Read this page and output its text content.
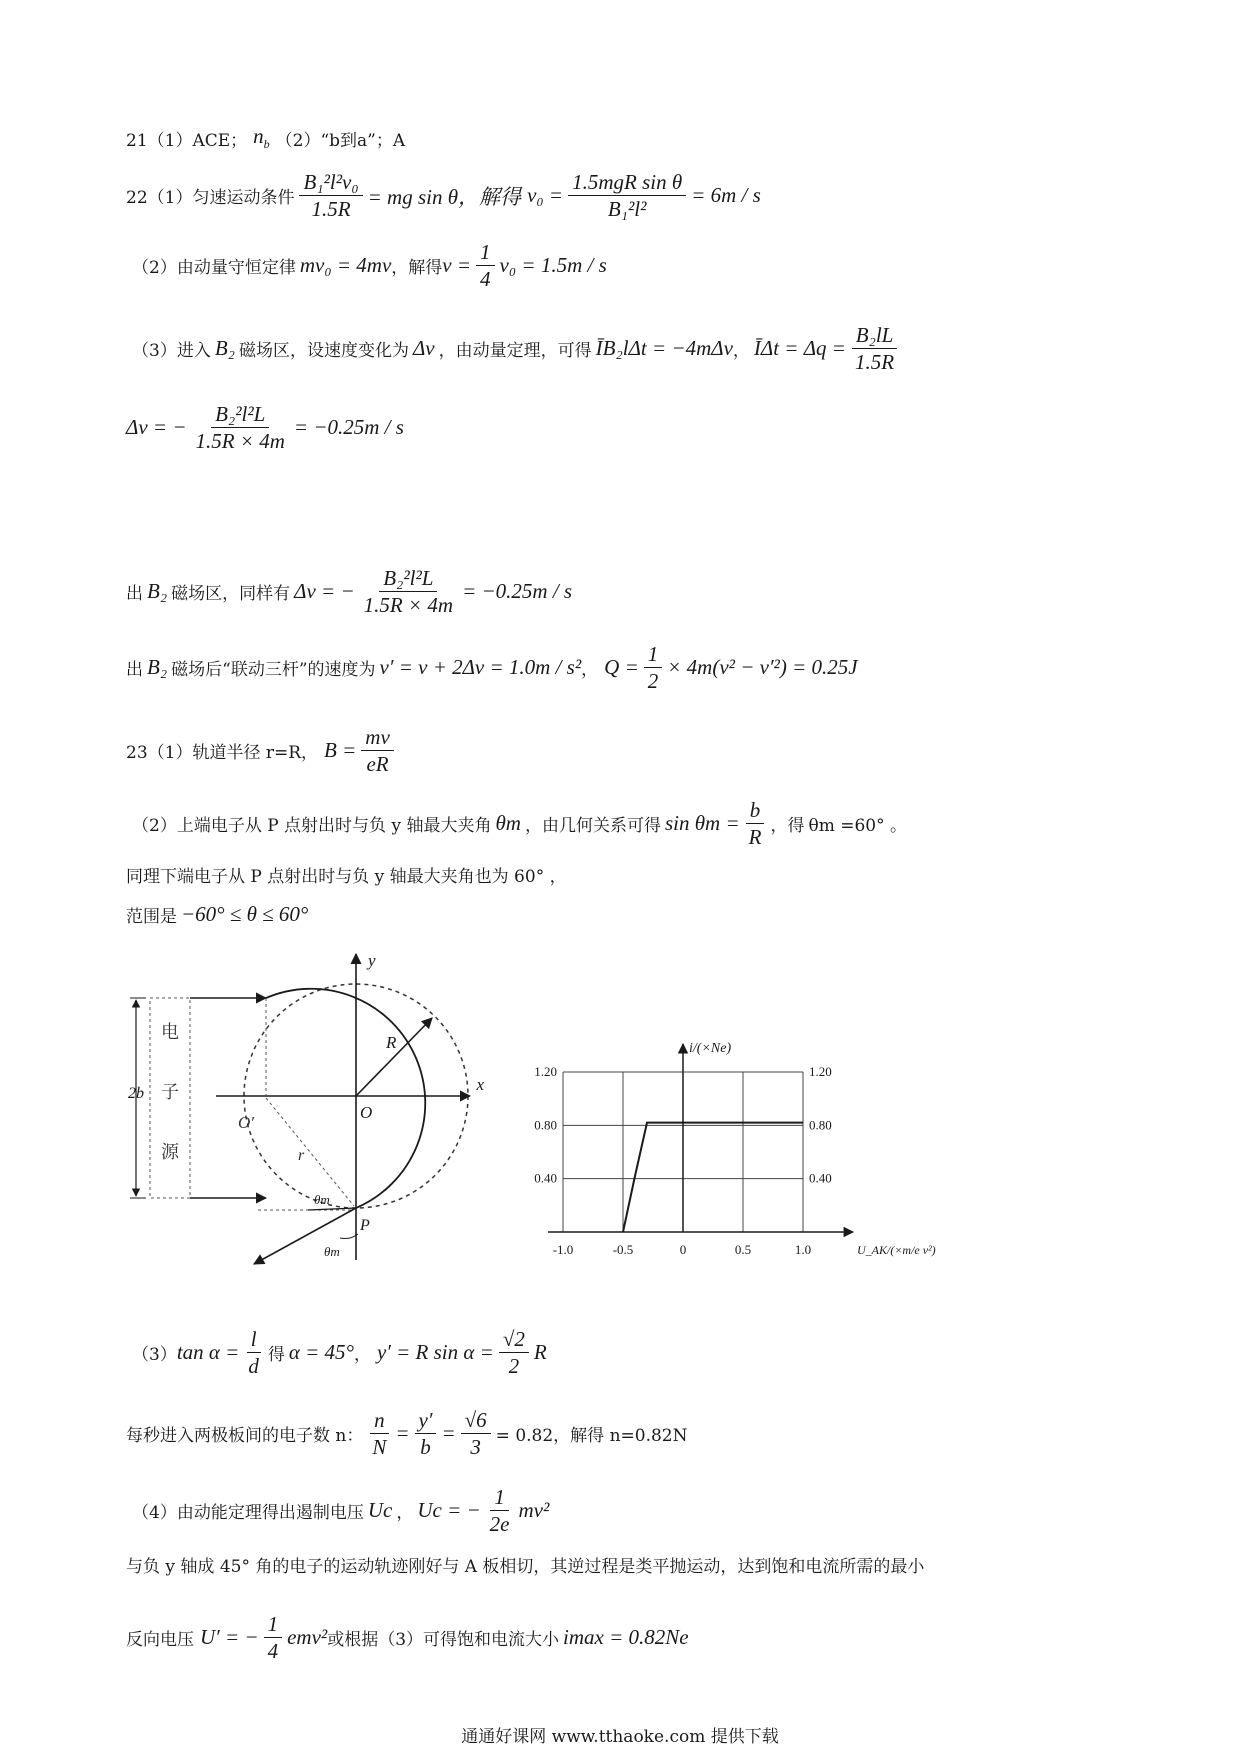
21（1）ACE； $n_b$ （2）“b到a”；A
22（1）匀速运动条件 $\frac{\text{B₁²l²v₀}}{1.5R}$ = mg sin θ，解得 $v_0 = \frac{\text{1.5mgR sin θ}}{\text{B₁²l²}} = 6m / s$
（2）由动量守恒定律 mv₀ = 4mv ，解得 $v = \frac{1}{4} v_0 = 1.5m / s$
（3）进入 B₂ 磁场区，设速度变化为 Δv ，由动量定理，可得 ĪB₂lΔt = −4mΔv ， ĪΔt = $\Delta q = \frac{\text{B₂lL}}{1.5R}$
Δv = − $\frac{\text{B₂²l²L}}{1.5R \times 4m} = -0.25m / s$
出 B₂ 磁场区，同样有 Δv = − $\frac{\text{B₂²l²L}}{1.5R \times 4m} = -0.25m / s$
出 B₂ 磁场后“联动三杆”的速度为 v′ = v + 2Δv = 1.0m / s² ， $Q = \frac{1}{2} \times 4m(v^2 - v'^2) = 0.25J$
23（1）轨道半径 r=R， $B = \frac{mv}{eR}$
（2）上端电子从 P 点射出时与负 y 轴最大夹角 θm ，由几何关系可得 $\sin \theta m = \frac{b}{R}$ ，得 θm =60° 。
同理下端电子从 P 点射出时与负 y 轴最大夹角也为 60° ，
范围是 −60° ≤ θ ≤ 60°
y
x
电
子
源
2b
R
O
O′
r
θm
P
θm	-1.0	-0.5	0	0.5	1.0
0.40	0.40
0.80	0.80
1.20	1.20
i/(×Ne)
U_AK/(×m/e v²)
（3） $\tan \alpha = \frac{l}{d}$ 得 α = 45° ， y′ = R $\sin \alpha = \frac{√2}{2}$ R
每秒进入两极板间的电子数 n： $\frac{n}{N} = \frac{y'}{b} = \frac{√6}{3} = 0.82$，解得 n=0.82N
（4）由动能定理得出遏制电压 Uc ， Uc = − $\frac{1}{2e} mv^2$
与负 y 轴成 45° 角的电子的运动轨迹刚好与 A 板相切，其逆过程是类平抛运动，达到饱和电流所需的最小
反向电压 U′ = − $\frac{1}{4} emv^2$ 或根据（3）可得饱和电流大小 imax = 0.82Ne
通通好课网 www.tthaoke.com 提供下载
